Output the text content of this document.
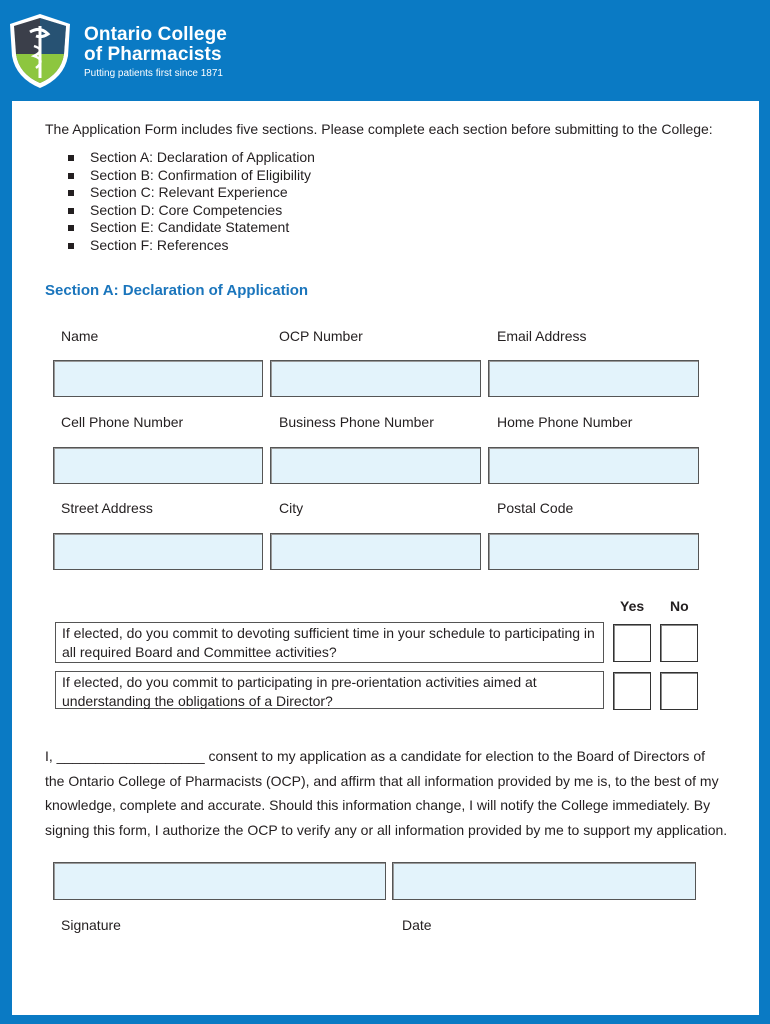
Ontario College
of Pharmacists
Putting patients first since 1871
The Application Form includes five sections. Please complete each section before submitting to the College:
Section A: Declaration of Application
Section B: Confirmation of Eligibility
Section C: Relevant Experience
Section D: Core Competencies
Section E: Candidate Statement
Section F: References
Section A: Declaration of Application
Name	OCP Number	Email Address
Cell Phone Number	Business Phone Number	Home Phone Number
Street Address	City	Postal Code
Yes No
If elected, do you commit to devoting sufficient time in your schedule to participating in
all required Board and Committee activities?
If elected, do you commit to participating in pre-orientation activities aimed at
understanding the obligations of a Director?

I, ___________________ consent to my application as a candidate for election to the Board of Directors of

the Ontario College of Pharmacists (OCP), and affirm that all information provided by me is, to the best of my

knowledge, complete and accurate. Should this information change, I will notify the College immediately. By

signing this form, I authorize the OCP to verify any or all information provided by me to support my application.

Signature	Date
